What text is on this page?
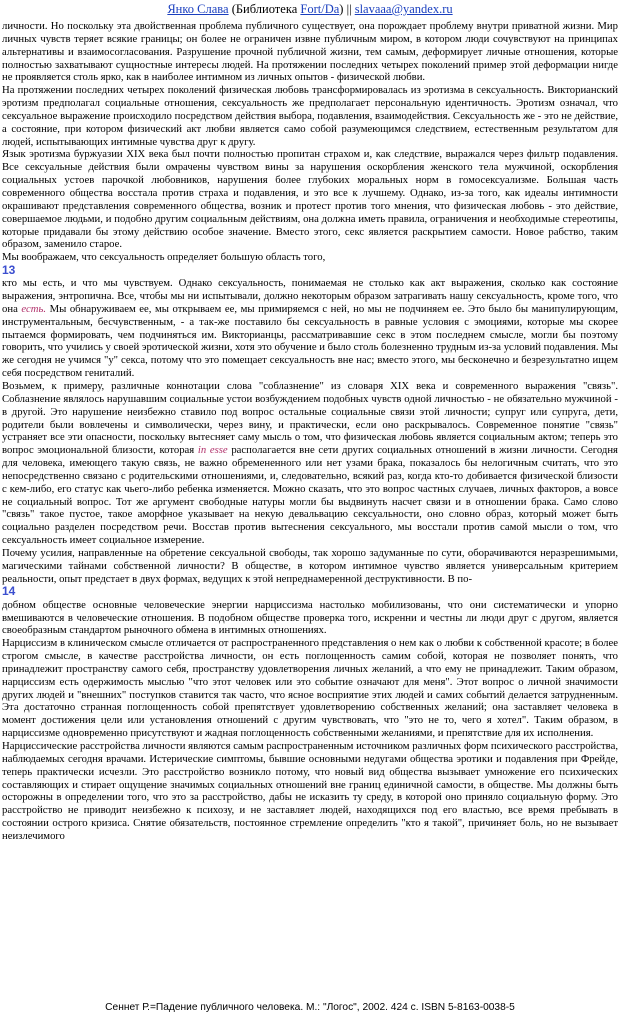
Янко Слава (Библиотека Fort/Da) || slavaaa@yandex.ru

личности. Но поскольку эта двойственная проблема публичного существует, она порождает проблему внутри приватной жизни. Мир личных чувств теряет всякие границы; он более не ограничен извне публичным миром, в котором люди сочувствуют на принципах альтернативы и взаимосогласования. Разрушение прочной публичной жизни, тем самым, деформирует личные отношения, которые полностью захватывают сущностные интересы людей. На протяжении последних четырех поколений пример этой деформации нигде не проявляется столь ярко, как в наиболее интимном из личных опытов - физической любви.

На протяжении последних четырех поколений физическая любовь трансформировалась из эротизма в сексуальность. Викторианский эротизм предполагал социальные отношения, сексуальность же предполагает персональную идентичность. Эротизм означал, что сексуальное выражение происходило посредством действия выбора, подавления, взаимодействия. Сексуальность же - это не действие, а состояние, при котором физический акт любви является само собой разумеющимся следствием, естественным результатом для людей, испытывающих интимные чувства друг к другу.

Язык эротизма буржуазии XIX века был почти полностью пропитан страхом и, как следствие, выражался через фильтр подавления. Все сексуальные действия были омрачены чувством вины за нарушения оскорбления женского тела мужчиной, оскорбления социальных устоев парочкой любовников, нарушения более глубоких моральных норм в гомосексуализме. Большая часть современного общества восстала против страха и подавления, и это все к лучшему. Однако, из-за того, как идеалы интимности окрашивают представления современного общества, возник и протест против того мнения, что физическая любовь - это действие, совершаемое людьми, и подобно другим социальным действиям, она должна иметь правила, ограничения и необходимые стереотипы, которые придавали бы этому действию особое значение. Вместо этого, секс является раскрытием самости. Новое рабство, таким образом, заменило старое.

Мы воображаем, что сексуальность определяет большую область того,

13

кто мы есть, и что мы чувствуем. Однако сексуальность, понимаемая не столько как акт выражения, сколько как состояние выражения, энтропична. Все, чтобы мы ни испытывали, должно некоторым образом затрагивать нашу сексуальность, кроме того, что она есть. Мы обнаруживаем ее, мы открываем ее, мы примиряемся с ней, но мы не подчиняем ее. Это было бы манипулирующим, инструментальным, бесчувственным, - а так-же поставило бы сексуальность в равные условия с эмоциями, которые мы скорее пытаемся формировать, чем подчиняться им. Викторианцы, рассматривавшие секс в этом последнем смысле, могли бы поэтому говорить, что учились у своей эротической жизни, хотя это обучение и было столь болезненно трудным из-за условий подавления. Мы же сегодня не учимся "у" секса, потому что это помещает сексуальность вне нас; вместо этого, мы бесконечно и безрезультатно ищем себя посредством гениталий.

Возьмем, к примеру, различные коннотации слова "соблазнение" из словаря XIX века и современного выражения "связь". Соблазнение являлось нарушавшим социальные устои возбуждением подобных чувств одной личностью - не обязательно мужчиной - в другой. Это нарушение неизбежно ставило под вопрос остальные социальные связи этой личности; супруг или супруга, дети, родители были вовлечены и символически, через вину, и практически, если оно раскрывалось. Современное понятие "связь" устраняет все эти опасности, поскольку вытесняет саму мысль о том, что физическая любовь является социальным актом; теперь это вопрос эмоциональной близости, которая in esse располагается вне сети других социальных отношений в жизни личности. Сегодня для человека, имеющего такую связь, не важно обремененного или нет узами брака, показалось бы нелогичным считать, что это непосредственно связано с родительскими отношениями, и, следовательно, всякий раз, когда кто-то добивается физической близости с кем-либо, его статус как чьего-либо ребенка изменяется. Можно сказать, что это вопрос частных случаев, личных факторов, а вовсе не социальный вопрос. Тот же аргумент свободные натуры могли бы выдвинуть насчет связи и в отношении брака. Само слово "связь" такое пустое, такое аморфное указывает на некую девальвацию сексуальности, оно словно образ, который может быть социально разделен посредством речи. Восстав против вытеснения сексуального, мы восстали против самой мысли о том, что сексуальность имеет социальное измерение.

Почему усилия, направленные на обретение сексуальной свободы, так хорошо задуманные по сути, оборачиваются неразрешимыми, магическими тайнами собственной личности? В обществе, в котором интимное чувство является универсальным критерием реальности, опыт предстает в двух формах, ведущих к этой непреднамеренной деструктивности. В по-

14

добном обществе основные человеческие энергии нарциссизма настолько мобилизованы, что они систематически и упорно вмешиваются в человеческие отношения. В подобном обществе проверка того, искренни и честны ли люди друг с другом, является своеобразным стандартом рыночного обмена в интимных отношениях.

Нарциссизм в клиническом смысле отличается от распространенного представления о нем как о любви к собственной красоте; в более строгом смысле, в качестве расстройства личности, он есть поглощенность самим собой, которая не позволяет понять, что принадлежит пространству самого себя, пространству удовлетворения личных желаний, а что ему не принадлежит. Таким образом, нарциссизм есть одержимость мыслью "что этот человек или это событие означают для меня". Этот вопрос о личной значимости других людей и "внешних" поступков ставится так часто, что ясное восприятие этих людей и самих событий делается затрудненным. Эта достаточно странная поглощенность собой препятствует удовлетворению собственных желаний; она заставляет человека в момент достижения цели или установления отношений с другим чувствовать, что "это не то, чего я хотел". Таким образом, в нарциссизме одновременно присутствуют и жадная поглощенность собственными желаниями, и препятствие для их исполнения.

Нарциссические расстройства личности являются самым распространенным источником различных форм психического расстройства, наблюдаемых сегодня врачами. Истерические симптомы, бывшие основными недугами общества эротики и подавления при Фрейде, теперь практически исчезли. Это расстройство возникло потому, что новый вид общества вызывает умножение его психических составляющих и стирает ощущение значимых социальных отношений вне границ единичной самости, в обществе. Мы должны быть осторожны в определении того, что это за расстройство, дабы не исказить ту среду, в которой оно приняло социальную форму. Это расстройство не приводит неизбежно к психозу, и не заставляет людей, находящихся под его властью, все время пребывать в состоянии острого кризиса. Снятие обязательств, постоянное стремление определить "кто я такой", причиняет боль, но не вызывает неизлечимого

Сеннет Р.=Падение публичного человека. М.: "Логос", 2002. 424 с. ISBN 5-8163-0038-5
